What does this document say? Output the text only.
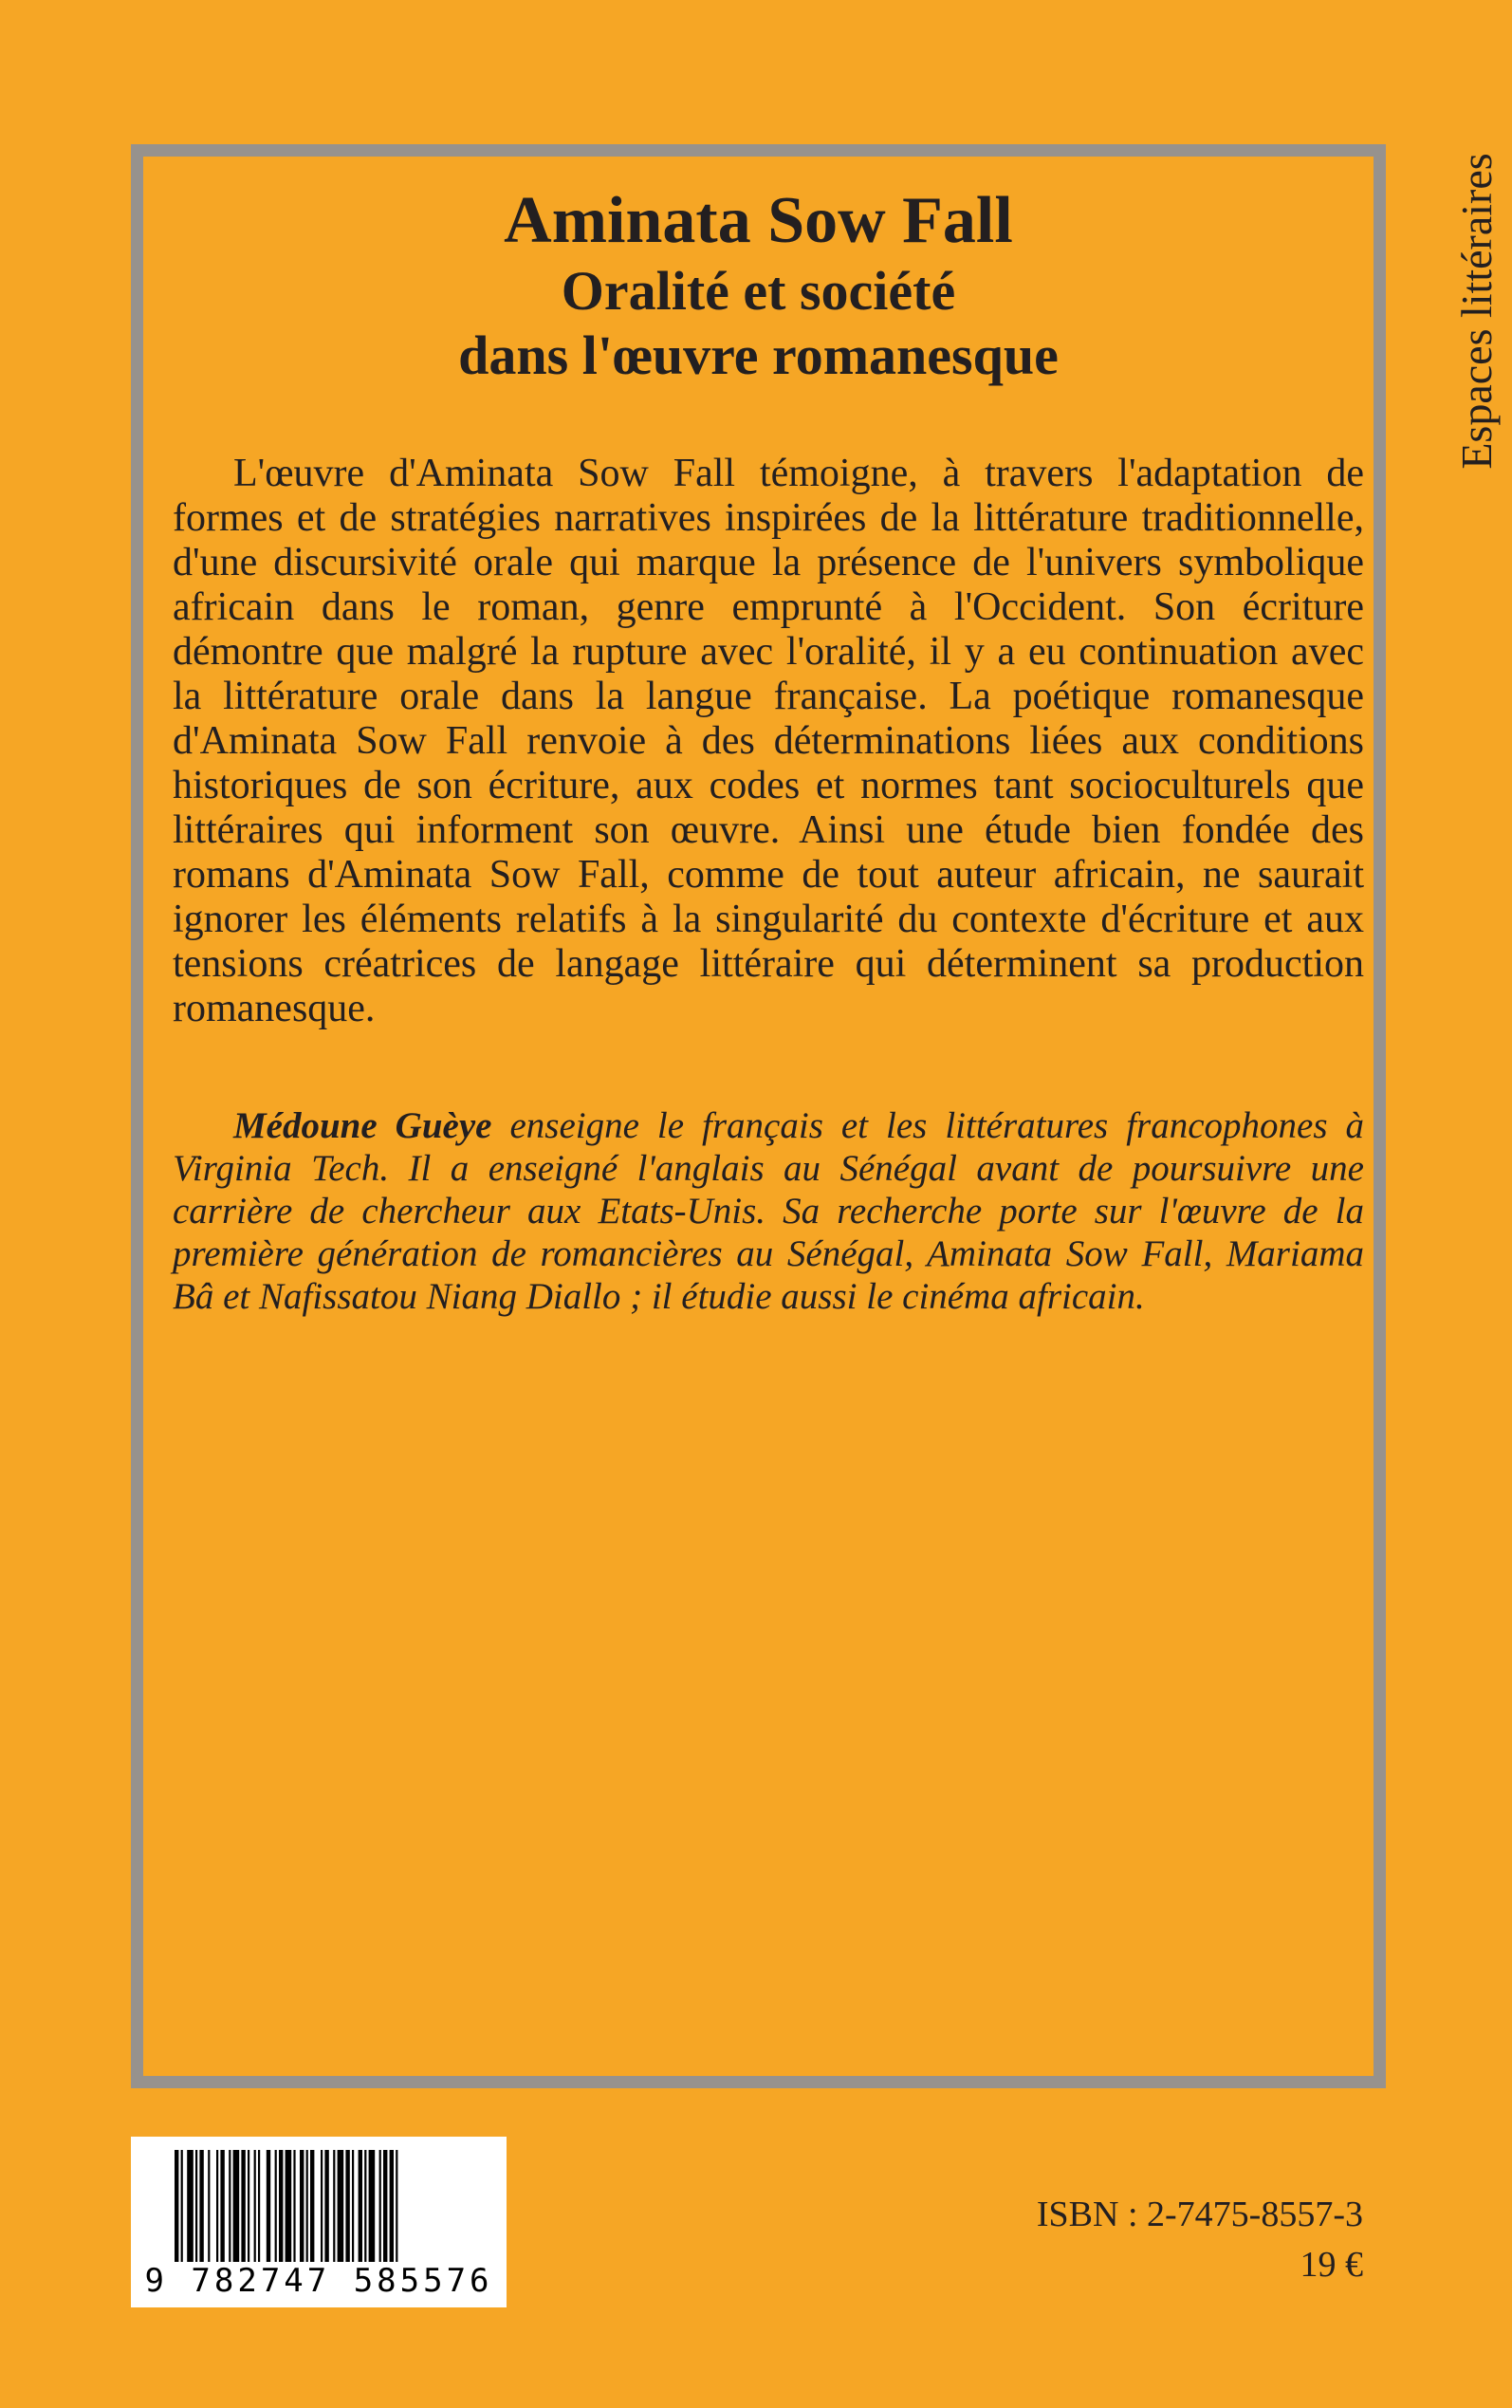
Espaces littéraires
Aminata Sow Fall
Oralité et société
dans l'œuvre romanesque

L'œuvre d'Aminata Sow Fall témoigne, à travers l'adaptation de formes et de stratégies narratives inspirées de la littérature traditionnelle, d'une discursivité orale qui marque la présence de l'univers symbolique africain dans le roman, genre emprunté à l'Occident. Son écriture démontre que malgré la rupture avec l'oralité, il y a eu continuation avec la littérature orale dans la langue française. La poétique romanesque d'Aminata Sow Fall renvoie à des déterminations liées aux conditions historiques de son écriture, aux codes et normes tant socioculturels que littéraires qui informent son œuvre. Ainsi une étude bien fondée des romans d'Aminata Sow Fall, comme de tout auteur africain, ne saurait ignorer les éléments relatifs à la singularité du contexte d'écriture et aux tensions créatrices de langage littéraire qui déterminent sa production romanesque.

Médoune Guèye enseigne le français et les littératures francophones à Virginia Tech. Il a enseigné l'anglais au Sénégal avant de poursuivre une carrière de chercheur aux Etats-Unis. Sa recherche porte sur l'œuvre de la première génération de romancières au Sénégal, Aminata Sow Fall, Mariama Bâ et Nafissatou Niang Diallo ; il étudie aussi le cinéma africain.

9 782747 585576
ISBN : 2-7475-8557-3
19 €
